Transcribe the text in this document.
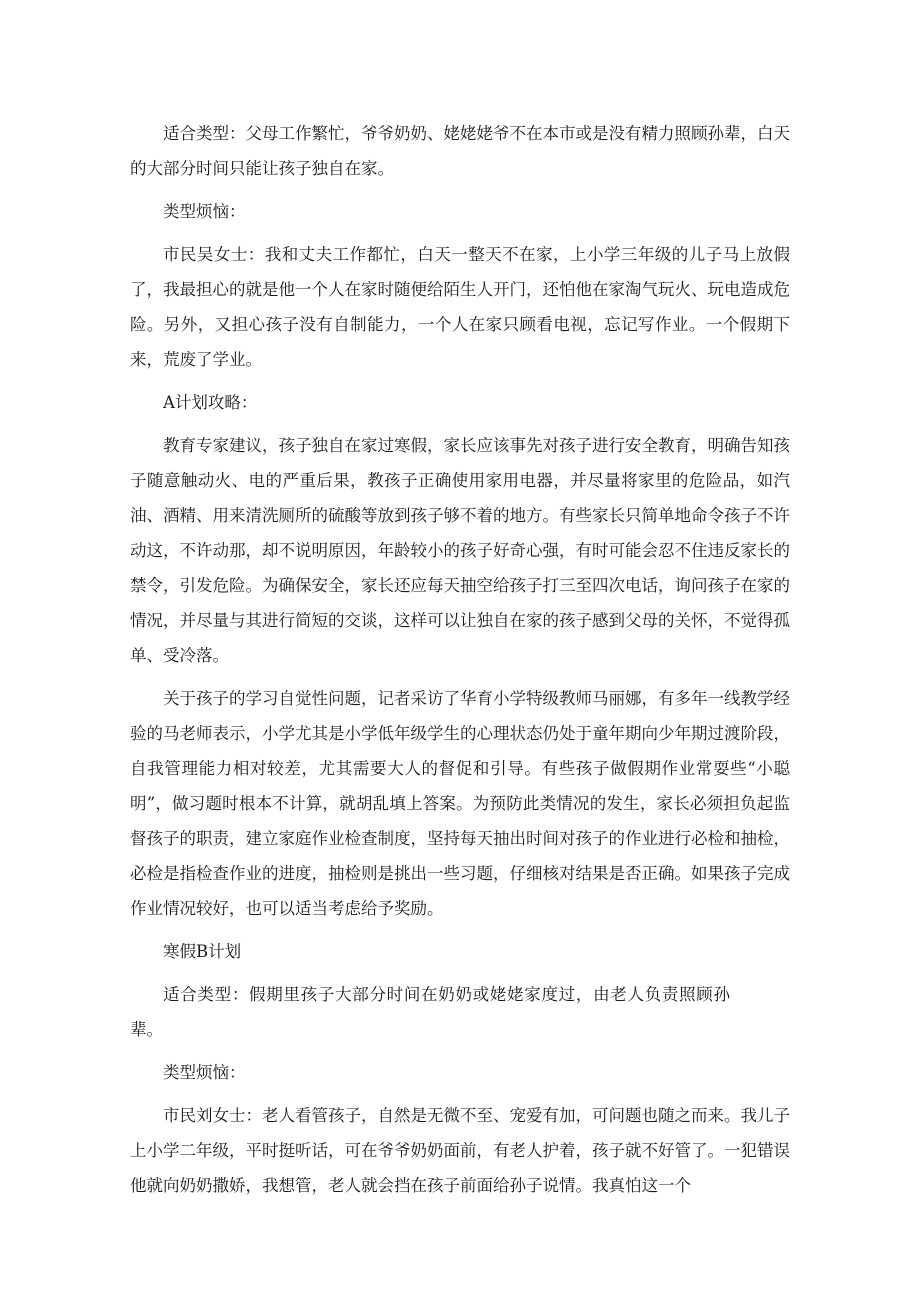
适合类型：父母工作繁忙，爷爷奶奶、姥姥姥爷不在本市或是没有精力照顾孙辈，白天的大部分时间只能让孩子独自在家。

类型烦恼：

市民吴女士：我和丈夫工作都忙，白天一整天不在家，上小学三年级的儿子马上放假了，我最担心的就是他一个人在家时随便给陌生人开门，还怕他在家淘气玩火、玩电造成危险。另外，又担心孩子没有自制能力，一个人在家只顾看电视，忘记写作业。一个假期下来，荒废了学业。

A计划攻略：

教育专家建议，孩子独自在家过寒假，家长应该事先对孩子进行安全教育，明确告知孩子随意触动火、电的严重后果，教孩子正确使用家用电器，并尽量将家里的危险品，如汽油、酒精、用来清洗厕所的硫酸等放到孩子够不着的地方。有些家长只简单地命令孩子不许动这，不许动那，却不说明原因，年龄较小的孩子好奇心强，有时可能会忍不住违反家长的禁令，引发危险。为确保安全，家长还应每天抽空给孩子打三至四次电话，询问孩子在家的情况，并尽量与其进行简短的交谈，这样可以让独自在家的孩子感到父母的关怀，不觉得孤单、受冷落。

关于孩子的学习自觉性问题，记者采访了华育小学特级教师马丽娜，有多年一线教学经验的马老师表示，小学尤其是小学低年级学生的心理状态仍处于童年期向少年期过渡阶段，自我管理能力相对较差，尤其需要大人的督促和引导。有些孩子做假期作业常耍些“小聪明”，做习题时根本不计算，就胡乱填上答案。为预防此类情况的发生，家长必须担负起监督孩子的职责，建立家庭作业检查制度，坚持每天抽出时间对孩子的作业进行必检和抽检，必检是指检查作业的进度，抽检则是挑出一些习题，仔细核对结果是否正确。如果孩子完成作业情况较好，也可以适当考虑给予奖励。

寒假B计划

适合类型：假期里孩子大部分时间在奶奶或姥姥家度过，由老人负责照顾孙辈。

类型烦恼：

市民刘女士：老人看管孩子，自然是无微不至、宠爱有加，可问题也随之而来。我儿子上小学二年级，平时挺听话，可在爷爷奶奶面前，有老人护着，孩子就不好管了。一犯错误他就向奶奶撒娇，我想管，老人就会挡在孩子前面给孙子说情。我真怕这一个
